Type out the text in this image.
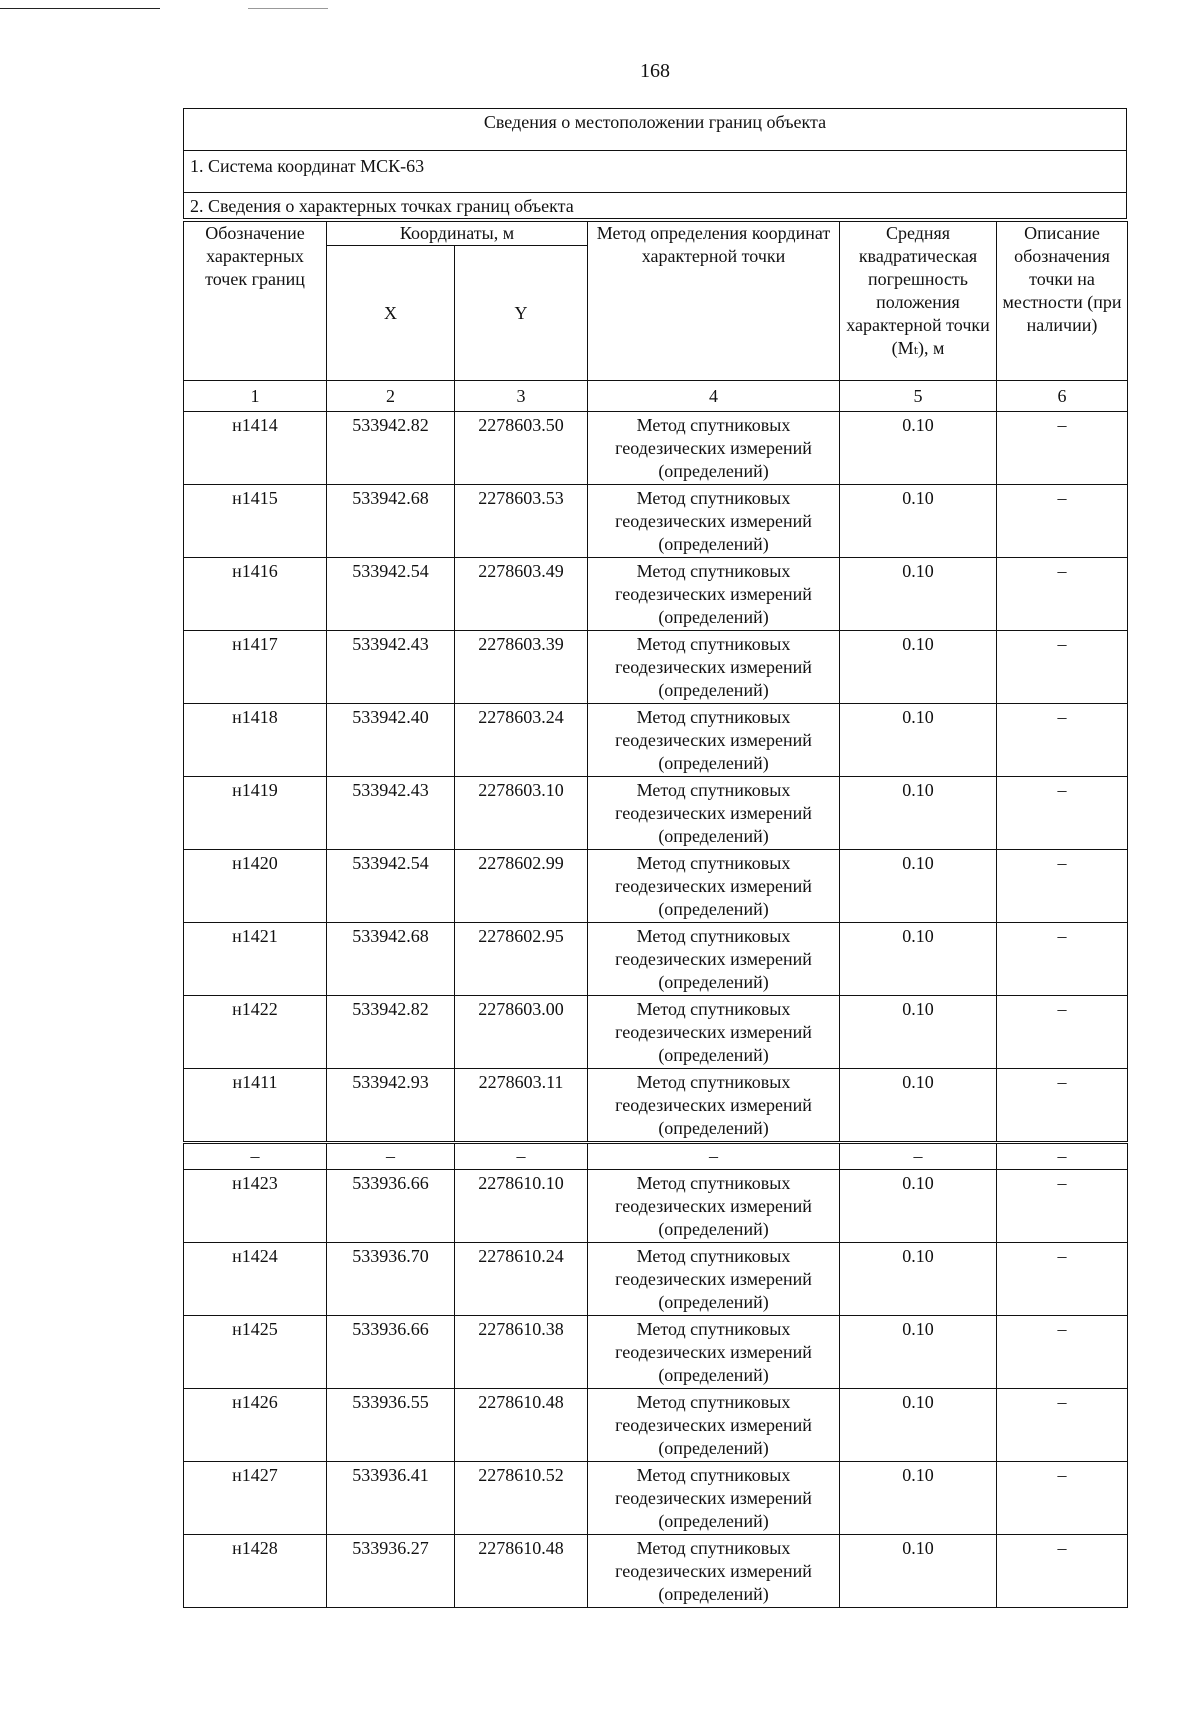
168
Сведения о местоположении границ объекта
1. Система координат МСК-63
2. Сведения о характерных точках границ объекта
Обозначение характерных точек границ	Координаты, м		Метод определения координат характерной точки	Средняя квадратическая погрешность положения характерной точки (Mₜ), м	Описание обозначения точки на местности (при наличии)
	X	Y			
1	2	3	4	5	6
н1414	533942.82	2278603.50	Метод спутниковых геодезических измерений (определений)	0.10	–
н1415	533942.68	2278603.53	Метод спутниковых геодезических измерений (определений)	0.10	–
н1416	533942.54	2278603.49	Метод спутниковых геодезических измерений (определений)	0.10	–
н1417	533942.43	2278603.39	Метод спутниковых геодезических измерений (определений)	0.10	–
н1418	533942.40	2278603.24	Метод спутниковых геодезических измерений (определений)	0.10	–
н1419	533942.43	2278603.10	Метод спутниковых геодезических измерений (определений)	0.10	–
н1420	533942.54	2278602.99	Метод спутниковых геодезических измерений (определений)	0.10	–
н1421	533942.68	2278602.95	Метод спутниковых геодезических измерений (определений)	0.10	–
н1422	533942.82	2278603.00	Метод спутниковых геодезических измерений (определений)	0.10	–
н1411	533942.93	2278603.11	Метод спутниковых геодезических измерений (определений)	0.10	–
–	–	–	–	–	–
н1423	533936.66	2278610.10	Метод спутниковых геодезических измерений (определений)	0.10	–
н1424	533936.70	2278610.24	Метод спутниковых геодезических измерений (определений)	0.10	–
н1425	533936.66	2278610.38	Метод спутниковых геодезических измерений (определений)	0.10	–
н1426	533936.55	2278610.48	Метод спутниковых геодезических измерений (определений)	0.10	–
н1427	533936.41	2278610.52	Метод спутниковых геодезических измерений (определений)	0.10	–
н1428	533936.27	2278610.48	Метод спутниковых геодезических измерений (определений)	0.10	–
